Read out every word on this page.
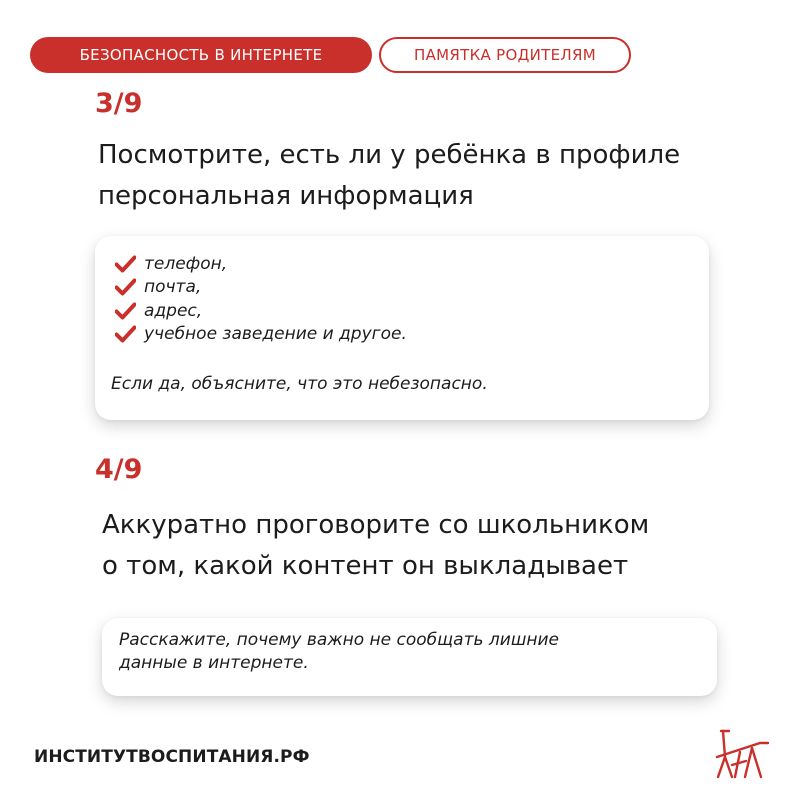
БЕЗОПАСНОСТЬ В ИНТЕРНЕТЕ	ПАМЯТКА РОДИТЕЛЯМ
3/9
Посмотрите, есть ли у ребёнка в профиле
персональная информация
телефон,
почта,
адрес,
учебное заведение и другое.
Если да, объясните, что это небезопасно.
4/9
Аккуратно проговорите со школьником
о том, какой контент он выкладывает
Расскажите, почему важно не сообщать лишние
данные в интернете.
ИНСТИТУТВОСПИТАНИЯ.РФ
